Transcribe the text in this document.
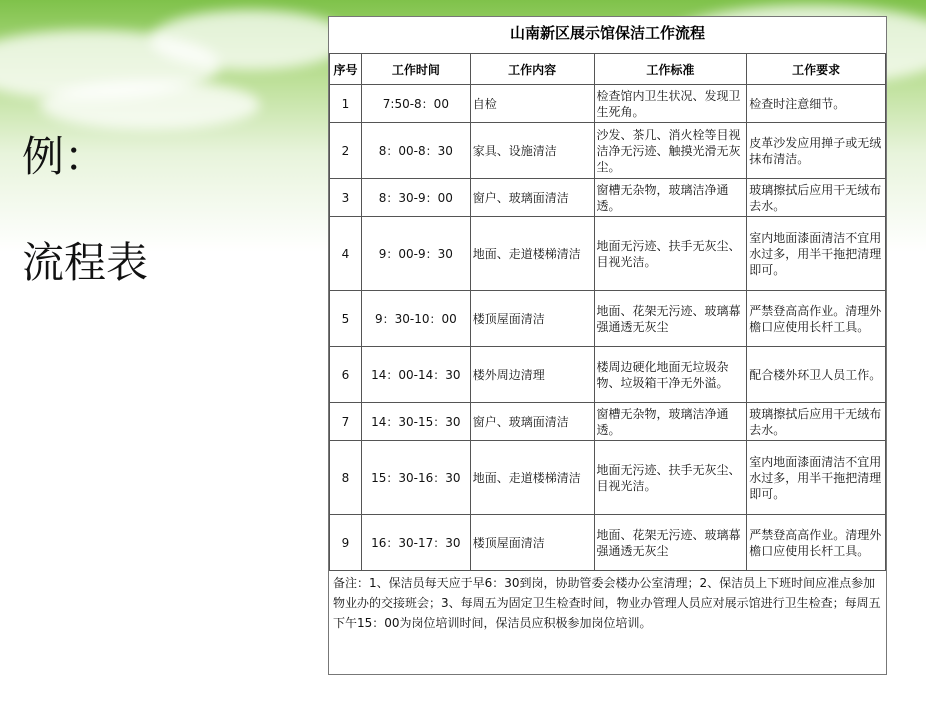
例：
流程表
山南新区展示馆保洁工作流程
序号	工作时间	工作内容	工作标准	工作要求
1	7:50-8：00	自检	检查馆内卫生状况、发现卫生死角。	检查时注意细节。
2	8：00-8：30	家具、设施清洁	沙发、茶几、消火栓等目视洁净无污迹、触摸光滑无灰尘。	皮革沙发应用掸子或无绒抹布清洁。
3	8：30-9：00	窗户、玻璃面清洁	窗槽无杂物，玻璃洁净通透。	玻璃擦拭后应用干无绒布去水。
4	9：00-9：30	地面、走道楼梯清洁	地面无污迹、扶手无灰尘、目视光洁。	室内地面漆面清洁不宜用水过多，用半干拖把清理即可。
5	9：30-10：00	楼顶屋面清洁	地面、花架无污迹、玻璃幕强通透无灰尘	严禁登高高作业。清理外檐口应使用长杆工具。
6	14：00-14：30	楼外周边清理	楼周边硬化地面无垃圾杂物、垃圾箱干净无外溢。	配合楼外环卫人员工作。
7	14：30-15：30	窗户、玻璃面清洁	窗槽无杂物，玻璃洁净通透。	玻璃擦拭后应用干无绒布去水。
8	15：30-16：30	地面、走道楼梯清洁	地面无污迹、扶手无灰尘、目视光洁。	室内地面漆面清洁不宜用水过多，用半干拖把清理即可。
9	16：30-17：30	楼顶屋面清洁	地面、花架无污迹、玻璃幕强通透无灰尘	严禁登高高作业。清理外檐口应使用长杆工具。
备注：1、保洁员每天应于早6：30到岗，协助管委会楼办公室清理；2、保洁员上下班时间应准点参加物业办的交接班会；3、每周五为固定卫生检查时间，物业办管理人员应对展示馆进行卫生检查；每周五下午15：00为岗位培训时间，保洁员应积极参加岗位培训。
